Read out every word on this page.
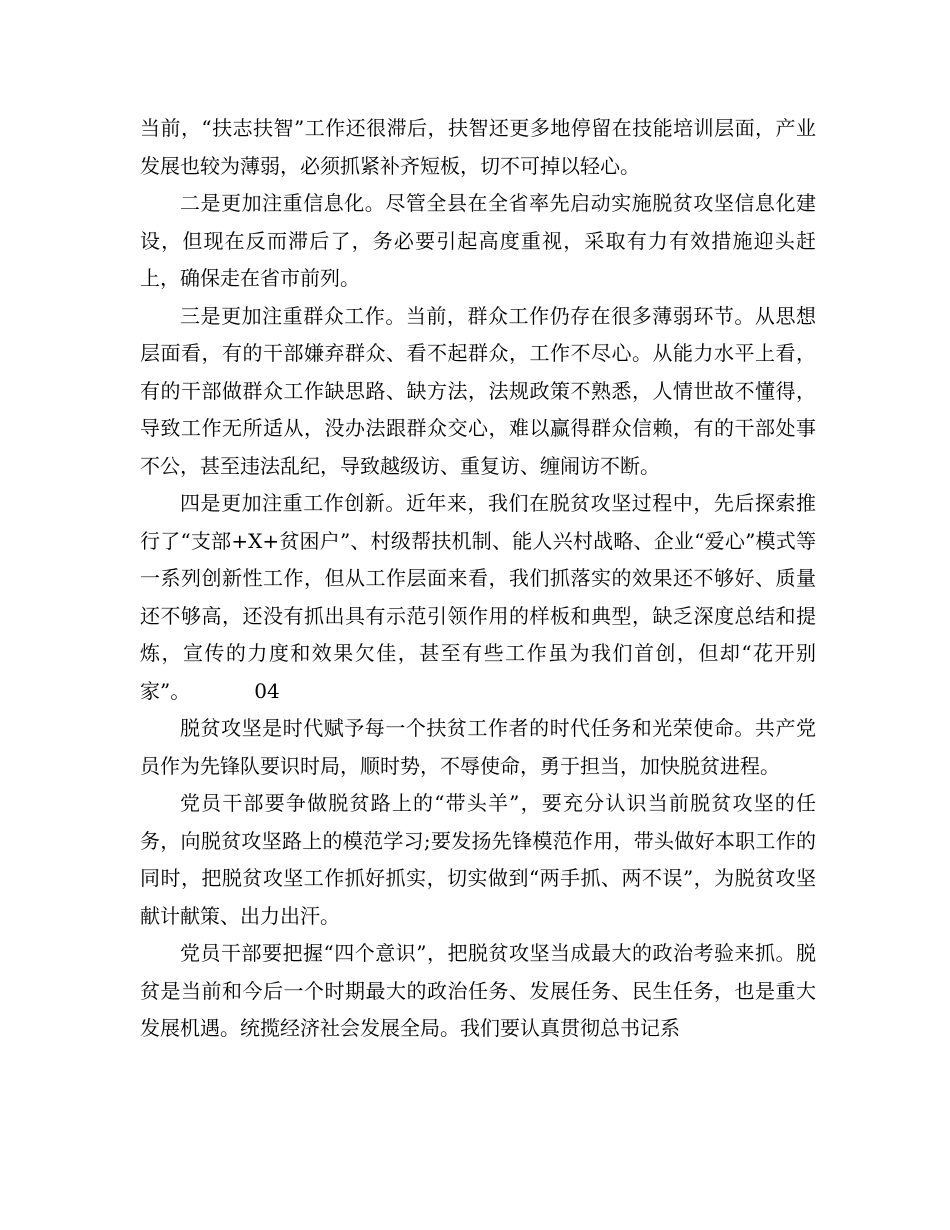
当前，“扶志扶智”工作还很滞后，扶智还更多地停留在技能培训层面，产业发展也较为薄弱，必须抓紧补齐短板，切不可掉以轻心。

二是更加注重信息化。尽管全县在全省率先启动实施脱贫攻坚信息化建设，但现在反而滞后了，务必要引起高度重视，采取有力有效措施迎头赶上，确保走在省市前列。

三是更加注重群众工作。当前，群众工作仍存在很多薄弱环节。从思想层面看，有的干部嫌弃群众、看不起群众，工作不尽心。从能力水平上看，有的干部做群众工作缺思路、缺方法，法规政策不熟悉，人情世故不懂得，导致工作无所适从，没办法跟群众交心，难以赢得群众信赖，有的干部处事不公，甚至违法乱纪，导致越级访、重复访、缠闹访不断。

四是更加注重工作创新。近年来，我们在脱贫攻坚过程中，先后探索推行了“支部+X+贫困户”、村级帮扶机制、能人兴村战略、企业“爱心”模式等一系列创新性工作，但从工作层面来看，我们抓落实的效果还不够好、质量还不够高，还没有抓出具有示范引领作用的样板和典型，缺乏深度总结和提炼，宣传的力度和效果欠佳，甚至有些工作虽为我们首创，但却“花开别家”。	04

脱贫攻坚是时代赋予每一个扶贫工作者的时代任务和光荣使命。共产党员作为先锋队要识时局，顺时势，不辱使命，勇于担当，加快脱贫进程。

党员干部要争做脱贫路上的“带头羊”，要充分认识当前脱贫攻坚的任务，向脱贫攻坚路上的模范学习;要发扬先锋模范作用，带头做好本职工作的同时，把脱贫攻坚工作抓好抓实，切实做到“两手抓、两不误”，为脱贫攻坚献计献策、出力出汗。

党员干部要把握“四个意识”，把脱贫攻坚当成最大的政治考验来抓。脱贫是当前和今后一个时期最大的政治任务、发展任务、民生任务，也是重大发展机遇。统揽经济社会发展全局。我们要认真贯彻总书记系
